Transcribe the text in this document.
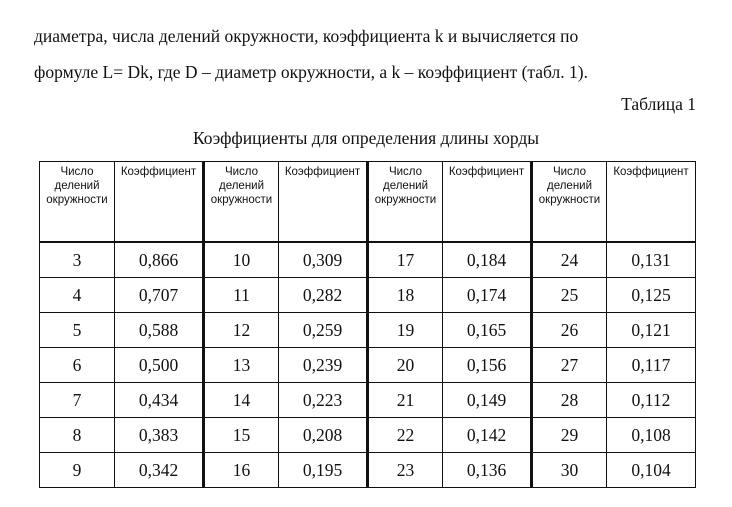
диаметра, числа делений окружности, коэффициента k и вычисляется по
формуле L= Dk, где D – диаметр окружности, а k – коэффициент (табл. 1).
Таблица 1
Коэффициенты для определения длины хорды
Число делений окружности	Коэффициент	Число делений окружности	Коэффициент	Число делений окружности	Коэффициент	Число делений окружности	Коэффициент
3	0,866	10	0,309	17	0,184	24	0,131
4	0,707	11	0,282	18	0,174	25	0,125
5	0,588	12	0,259	19	0,165	26	0,121
6	0,500	13	0,239	20	0,156	27	0,117
7	0,434	14	0,223	21	0,149	28	0,112
8	0,383	15	0,208	22	0,142	29	0,108
9	0,342	16	0,195	23	0,136	30	0,104
